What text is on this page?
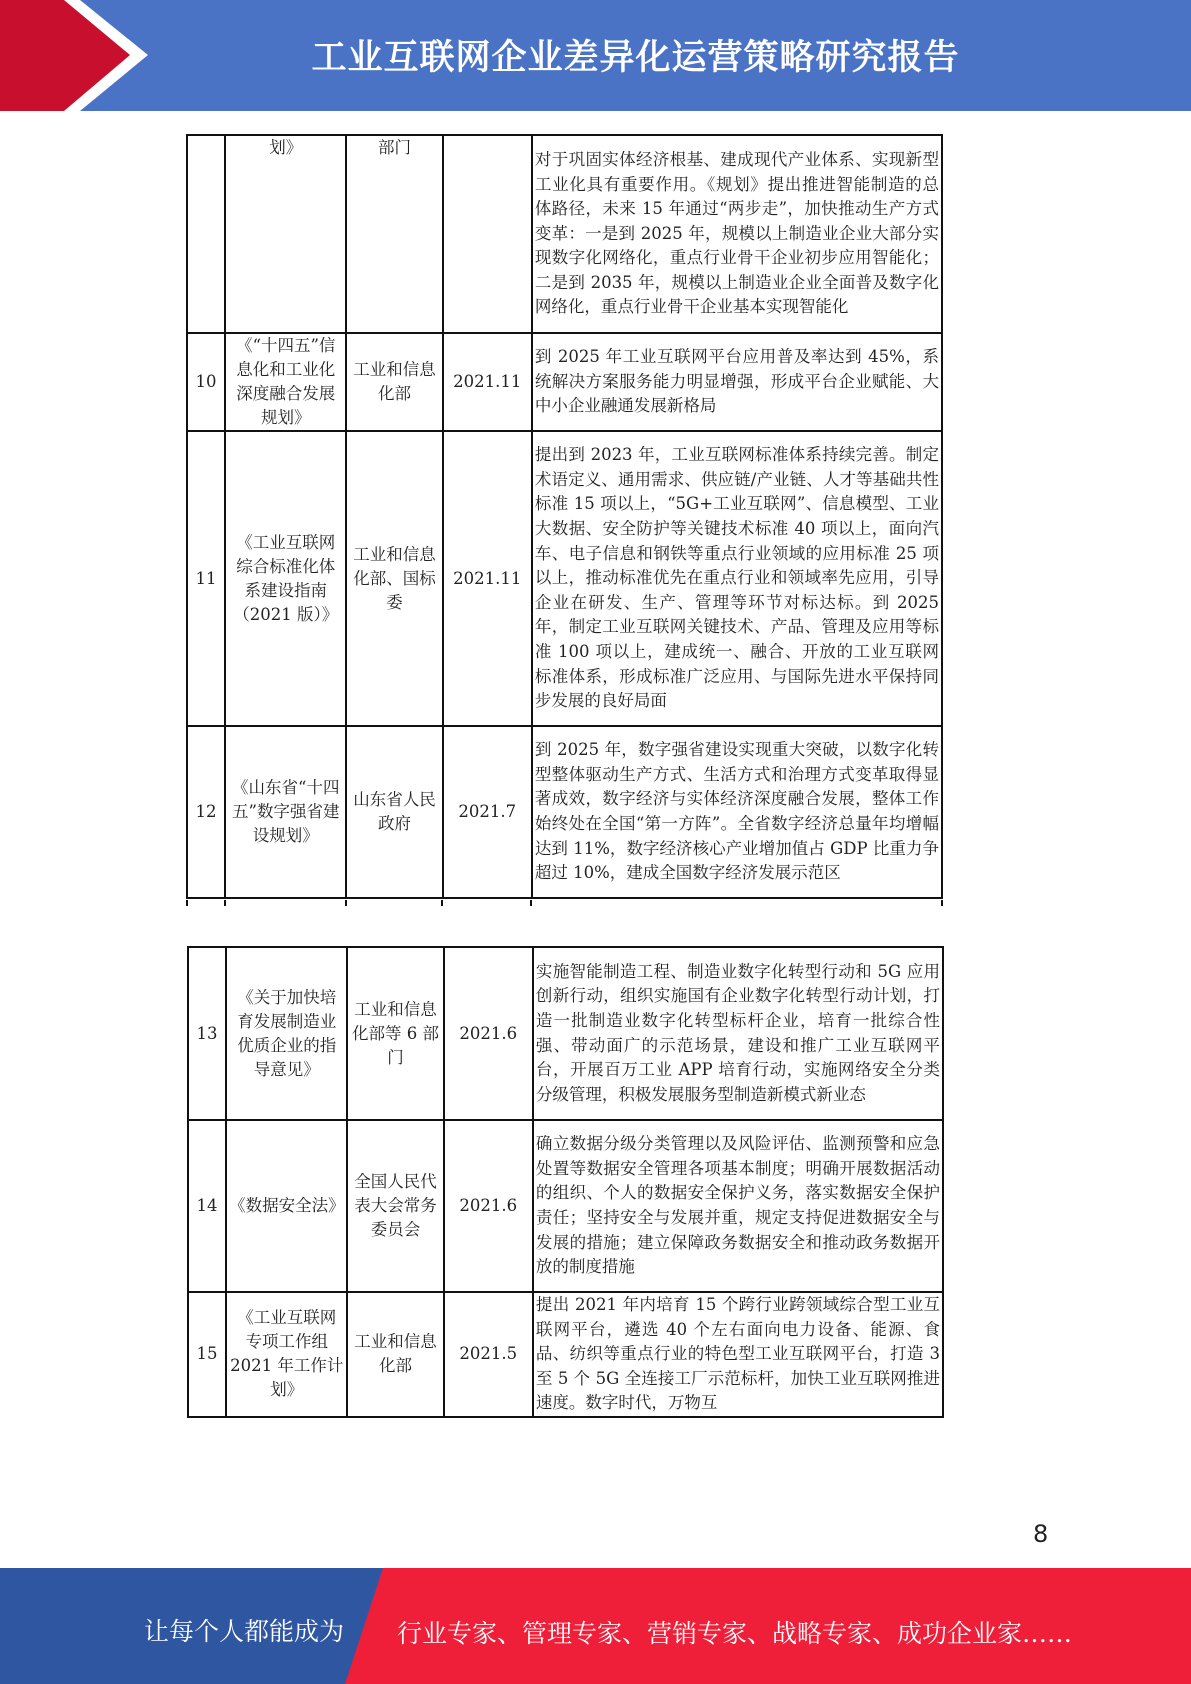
工业互联网企业差异化运营策略研究报告
	划》	部门		对于巩固实体经济根基、建成现代产业体系、实现新型工业化具有重要作用。《规划》提出推进智能制造的总体路径，未来 15 年通过“两步走”，加快推动生产方式变革：一是到 2025 年，规模以上制造业企业大部分实现数字化网络化，重点行业骨干企业初步应用智能化；二是到 2035 年，规模以上制造业企业全面普及数字化网络化，重点行业骨干企业基本实现智能化
10	《“十四五”信息化和工业化深度融合发展规划》	工业和信息化部	2021.11	到 2025 年工业互联网平台应用普及率达到 45%，系统解决方案服务能力明显增强，形成平台企业赋能、大中小企业融通发展新格局
11	《工业互联网综合标准化体系建设指南（2021 版）》	工业和信息化部、国标委	2021.11	提出到 2023 年，工业互联网标准体系持续完善。制定术语定义、通用需求、供应链/产业链、人才等基础共性标准 15 项以上，“5G+工业互联网”、信息模型、工业大数据、安全防护等关键技术标准 40 项以上，面向汽车、电子信息和钢铁等重点行业领域的应用标准 25 项以上，推动标准优先在重点行业和领域率先应用，引导企业在研发、生产、管理等环节对标达标。到 2025 年，制定工业互联网关键技术、产品、管理及应用等标准 100 项以上，建成统一、融合、开放的工业互联网标准体系，形成标准广泛应用、与国际先进水平保持同步发展的良好局面
12	《山东省“十四五”数字强省建设规划》	山东省人民政府	2021.7	到 2025 年，数字强省建设实现重大突破，以数字化转型整体驱动生产方式、生活方式和治理方式变革取得显著成效，数字经济与实体经济深度融合发展，整体工作始终处在全国“第一方阵”。全省数字经济总量年均增幅达到 11%，数字经济核心产业增加值占 GDP 比重力争超过 10%，建成全国数字经济发展示范区
13	《关于加快培育发展制造业优质企业的指导意见》	工业和信息化部等 6 部门	2021.6	实施智能制造工程、制造业数字化转型行动和 5G 应用创新行动，组织实施国有企业数字化转型行动计划，打造一批制造业数字化转型标杆企业，培育一批综合性强、带动面广的示范场景，建设和推广工业互联网平台，开展百万工业 APP 培育行动，实施网络安全分类分级管理，积极发展服务型制造新模式新业态
14	《数据安全法》	全国人民代表大会常务委员会	2021.6	确立数据分级分类管理以及风险评估、监测预警和应急处置等数据安全管理各项基本制度；明确开展数据活动的组织、个人的数据安全保护义务，落实数据安全保护责任；坚持安全与发展并重，规定支持促进数据安全与发展的措施；建立保障政务数据安全和推动政务数据开放的制度措施
15	《工业互联网专项工作组 2021 年工作计划》	工业和信息化部	2021.5	提出 2021 年内培育 15 个跨行业跨领域综合型工业互联网平台，遴选 40 个左右面向电力设备、能源、食品、纺织等重点行业的特色型工业互联网平台，打造 3 至 5 个 5G 全连接工厂示范标杆，加快工业互联网推进速度。数字时代，万物互
8
让每个人都能成为 行业专家、管理专家、营销专家、战略专家、成功企业家……
